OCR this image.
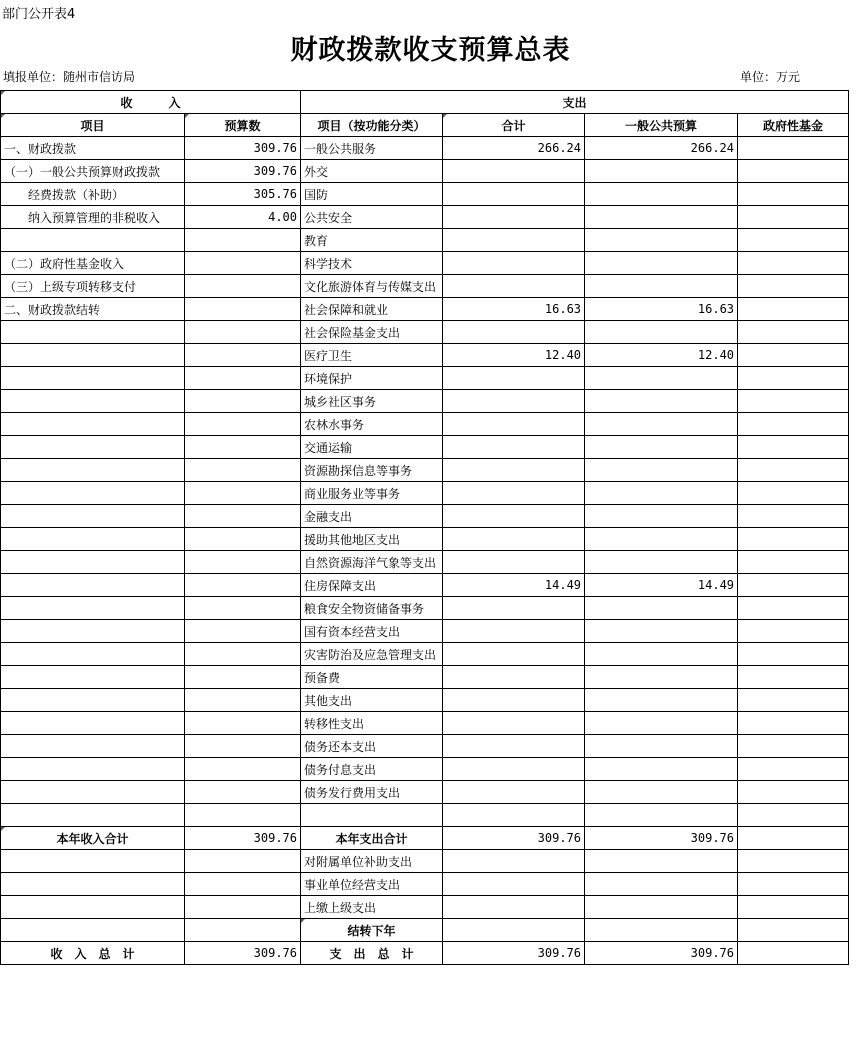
部门公开表4
财政拨款收支预算总表
填报单位：随州市信访局	单位：万元
收　　　入		支出			
项目	预算数	项目（按功能分类）	合计	一般公共预算	政府性基金
一、财政拨款	309.76	一般公共服务	266.24	266.24	
（一）一般公共预算财政拨款	309.76	外交			
　　经费拨款（补助）	305.76	国防			
　　纳入预算管理的非税收入	4.00	公共安全			
		教育			
（二）政府性基金收入		科学技术			
（三）上级专项转移支付		文化旅游体育与传媒支出			
二、财政拨款结转		社会保障和就业	16.63	16.63	
		社会保险基金支出			
		医疗卫生	12.40	12.40	
		环境保护			
		城乡社区事务			
		农林水事务			
		交通运输			
		资源勘探信息等事务			
		商业服务业等事务			
		金融支出			
		援助其他地区支出			
		自然资源海洋气象等支出			
		住房保障支出	14.49	14.49	
		粮食安全物资储备事务			
		国有资本经营支出			
		灾害防治及应急管理支出			
		预备费			
		其他支出			
		转移性支出			
		债务还本支出			
		债务付息支出			
		债务发行费用支出			

本年收入合计	309.76	本年支出合计	309.76	309.76	
		对附属单位补助支出			
		事业单位经营支出			
		上缴上级支出			
		结转下年			
收　入　总　计	309.76	支　出　总　计	309.76	309.76	
